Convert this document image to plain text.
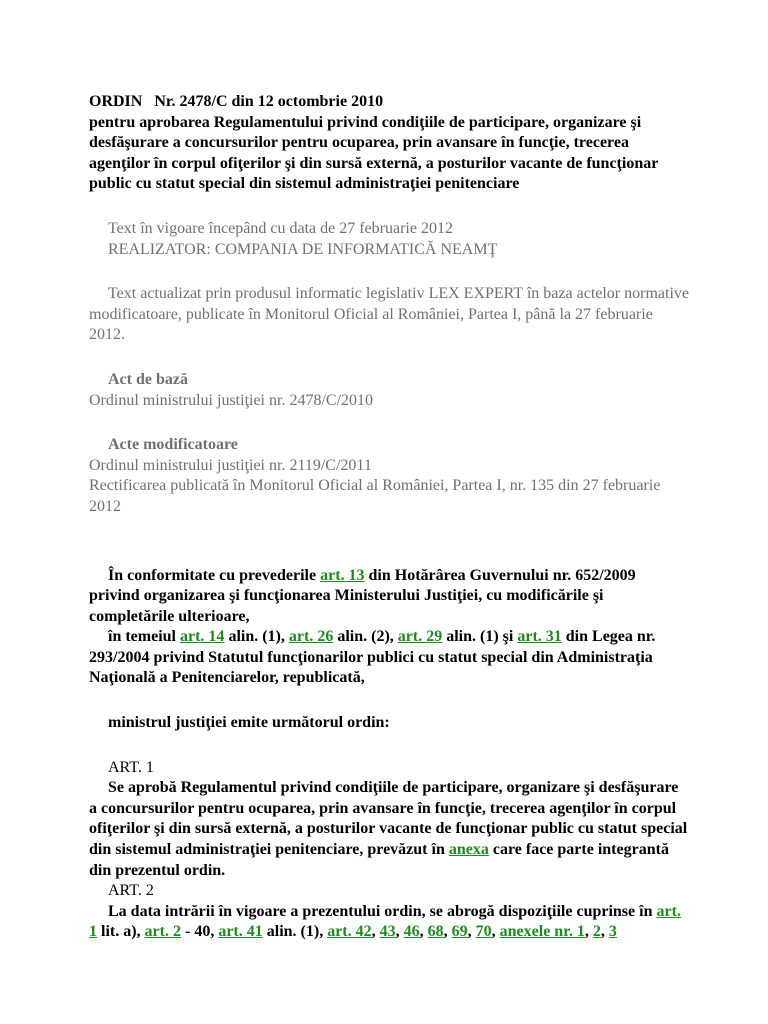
ORDIN   Nr. 2478/C din 12 octombrie 2010

pentru aprobarea Regulamentului privind condiţiile de participare, organizare şi desfăşurare a concursurilor pentru ocuparea, prin avansare în funcţie, trecerea agenţilor în corpul ofiţerilor şi din sursă externă, a posturilor vacante de funcţionar public cu statut special din sistemul administraţiei penitenciare

Text în vigoare începând cu data de 27 februarie 2012

REALIZATOR: COMPANIA DE INFORMATICĂ NEAMŢ

Text actualizat prin produsul informatic legislativ LEX EXPERT în baza actelor normative modificatoare, publicate în Monitorul Oficial al României, Partea I, până la 27 februarie 2012.

Act de bază

Ordinul ministrului justiţiei nr. 2478/C/2010

Acte modificatoare

Ordinul ministrului justiţiei nr. 2119/C/2011

Rectificarea publicată în Monitorul Oficial al României, Partea I, nr. 135 din 27 februarie 2012

În conformitate cu prevederile art. 13 din Hotărârea Guvernului nr. 652/2009 privind organizarea şi funcţionarea Ministerului Justiţiei, cu modificările şi completările ulterioare,

în temeiul art. 14 alin. (1), art. 26 alin. (2), art. 29 alin. (1) şi art. 31 din Legea nr. 293/2004 privind Statutul funcţionarilor publici cu statut special din Administraţia Naţională a Penitenciarelor, republicată,

ministrul justiţiei emite următorul ordin:

ART. 1

Se aprobă Regulamentul privind condiţiile de participare, organizare şi desfăşurare a concursurilor pentru ocuparea, prin avansare în funcţie, trecerea agenţilor în corpul ofiţerilor şi din sursă externă, a posturilor vacante de funcţionar public cu statut special din sistemul administraţiei penitenciare, prevăzut în anexa care face parte integrantă din prezentul ordin.

ART. 2

La data intrării în vigoare a prezentului ordin, se abrogă dispoziţiile cuprinse în art. 1 lit. a), art. 2 - 40, art. 41 alin. (1), art. 42, 43, 46, 68, 69, 70, anexele nr. 1, 2, 3
